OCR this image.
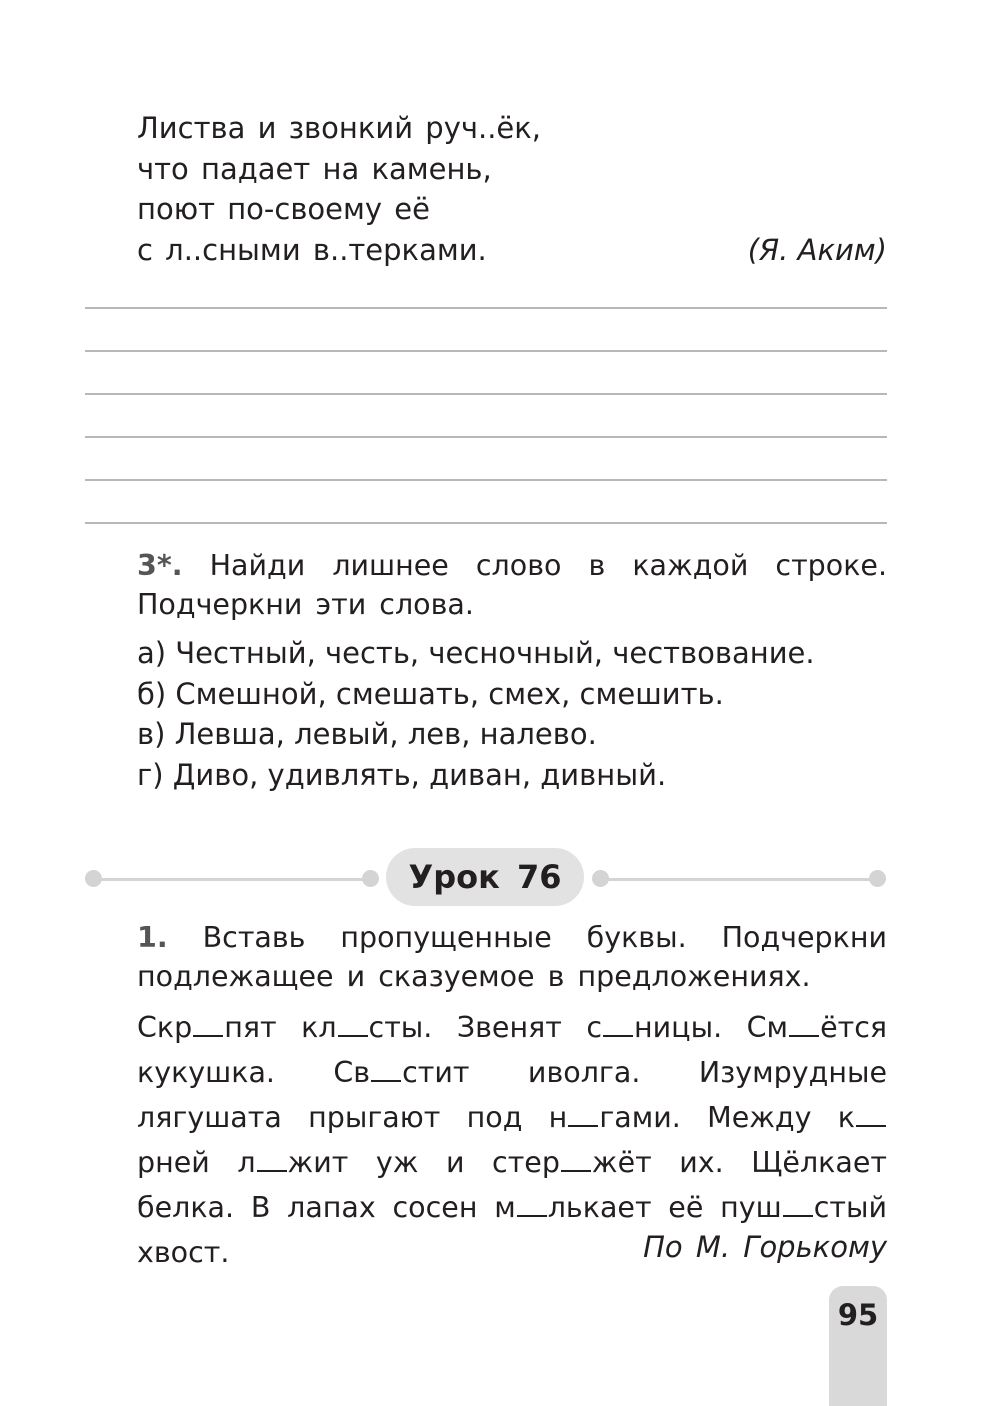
Листва и звонкий руч..ёк,
что падает на камень,
поют по-своему её
с л..сными в..терками.	(Я. Аким)
3*. Найди лишнее слово в каждой строке. Подчеркни эти слова.
а) Честный, честь, чесночный, чествование.
б) Смешной, смешать, смех, смешить.
в) Левша, левый, лев, налево.
г) Диво, удивлять, диван, дивный.
Урок 76
1. Вставь пропущенные буквы. Подчеркни подлежащее и сказуемое в предложениях.
Скр пят кл сты. Звенят с ницы. См ётся кукушка. Св стит иволга. Изумрудные лягушата прыгают под н гами. Между крней л жит уж и стер жёт их. Щёлкает белка. В лапах сосен м лькает её пуш стый хвост.	По М. Горькому
95
